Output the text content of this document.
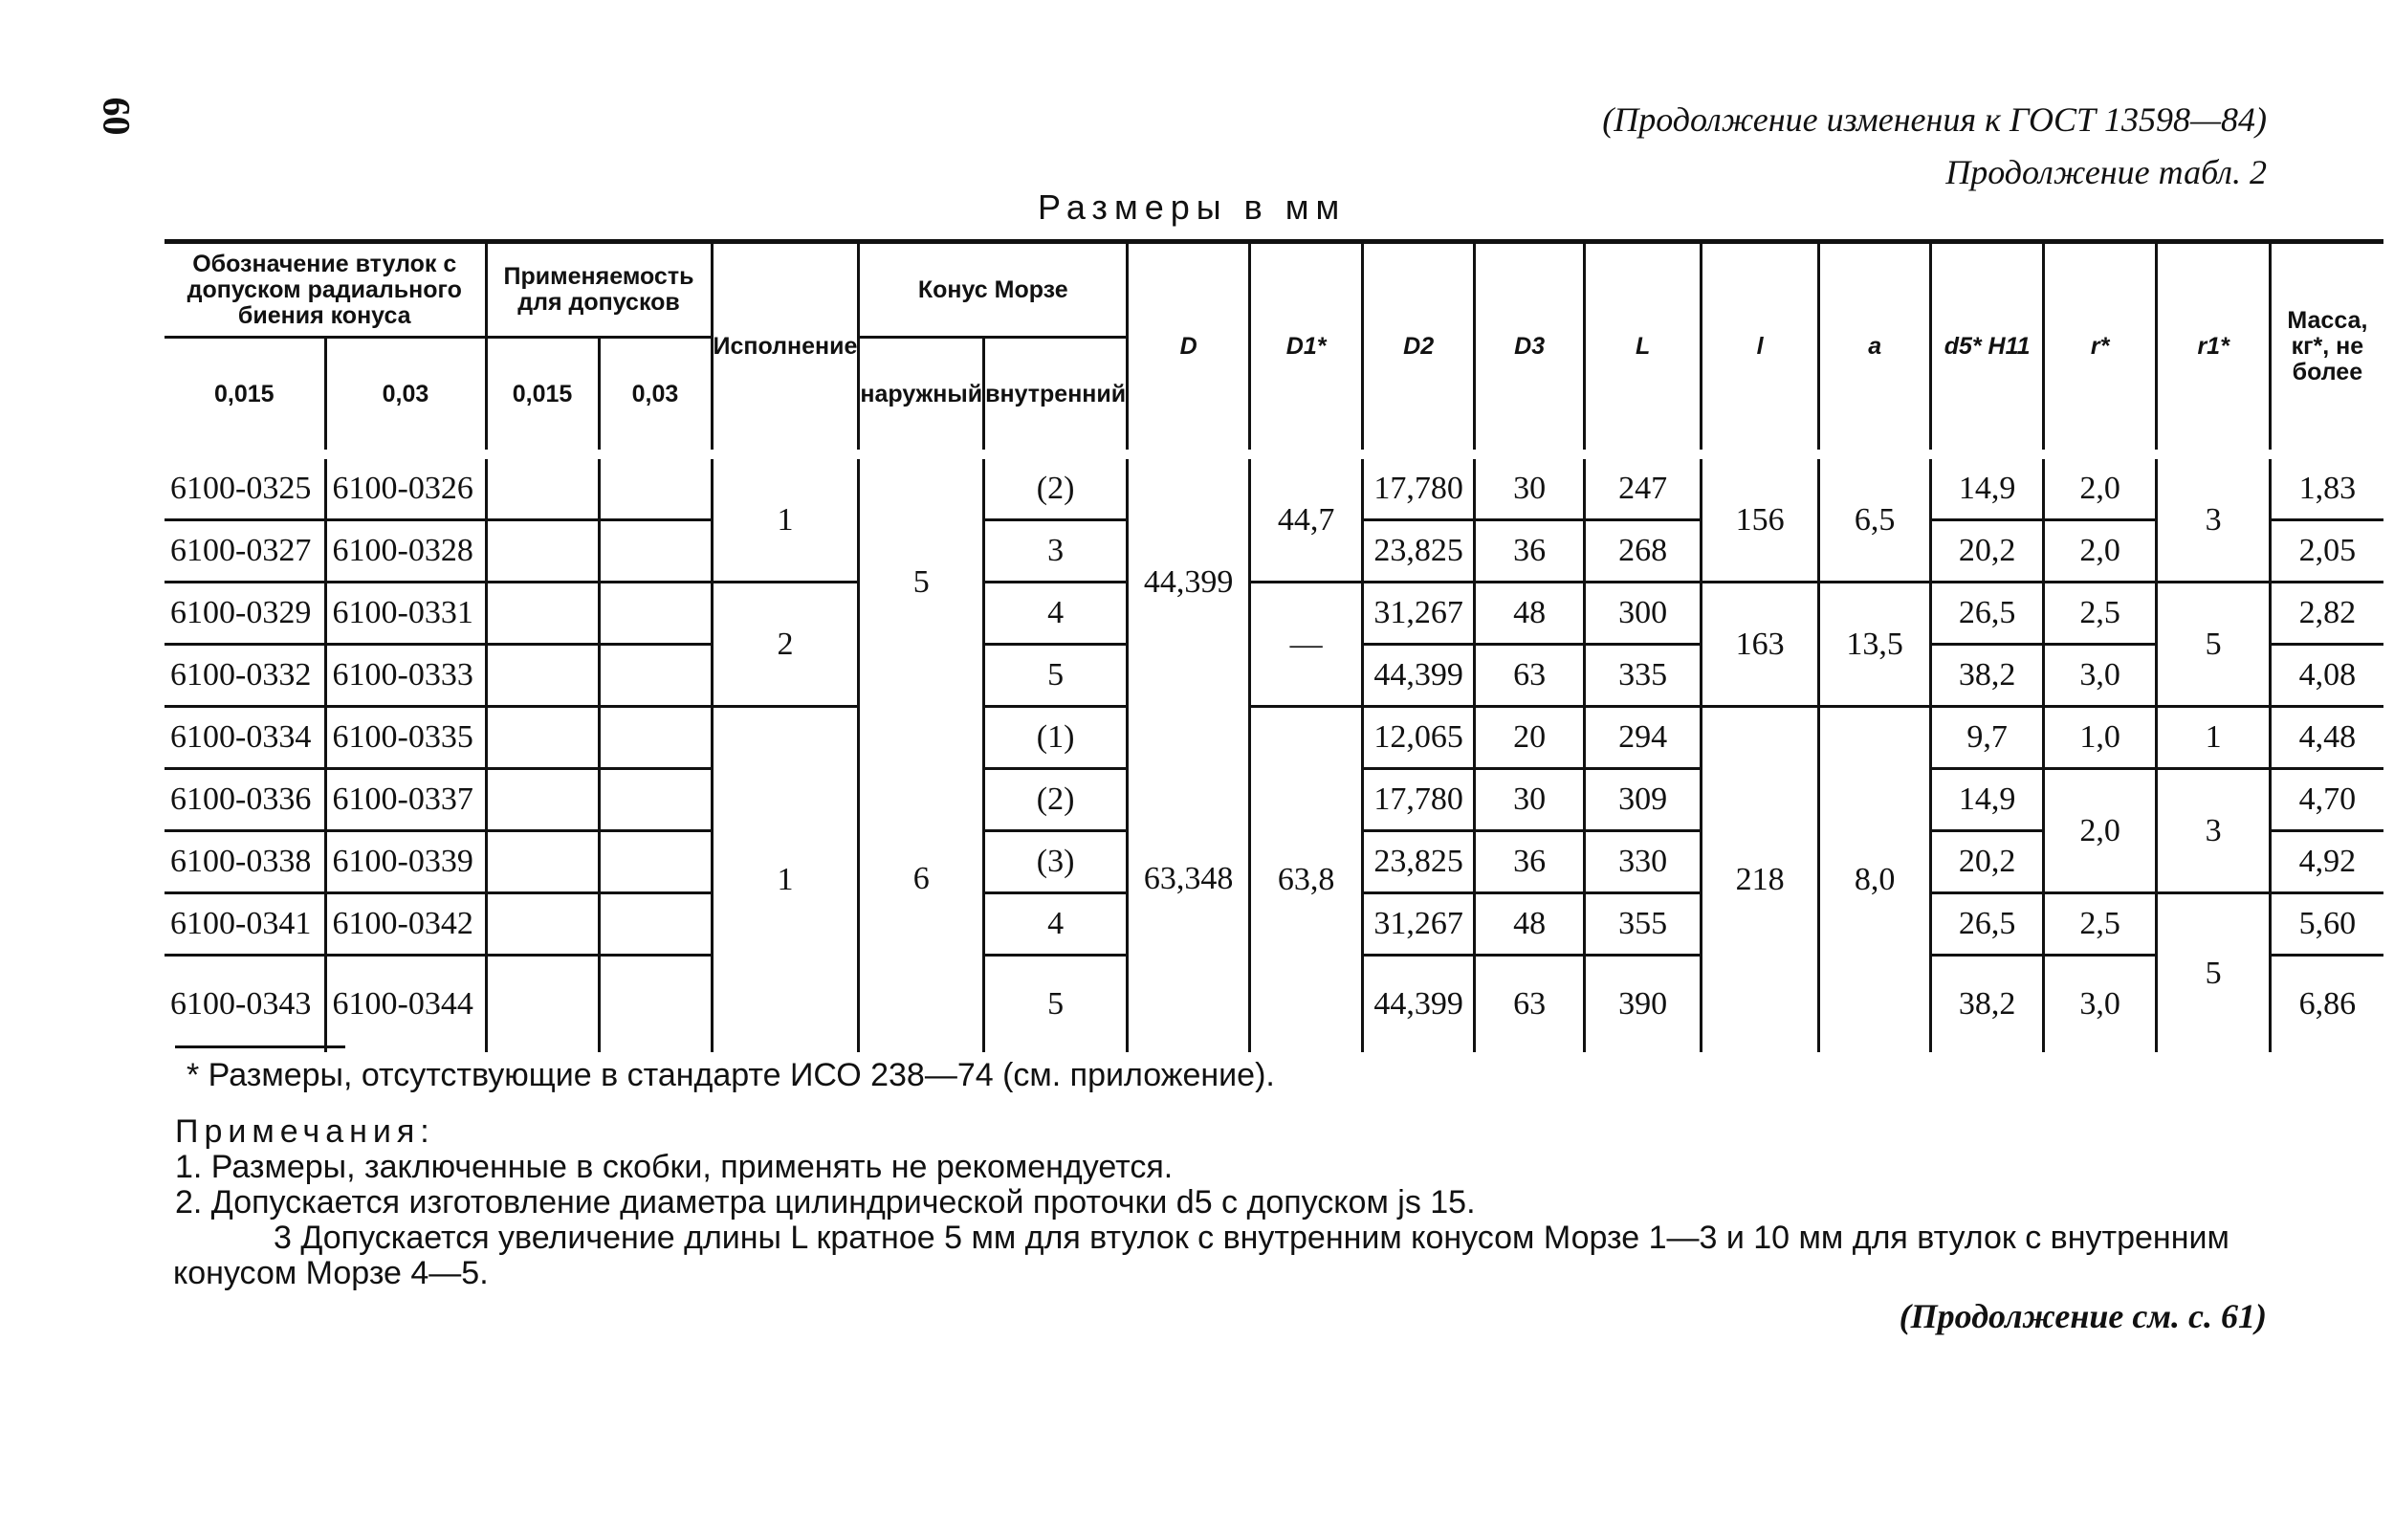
60	(Продолжение изменения к ГОСТ 13598—84)
Продолжение табл. 2
Размеры в мм
Обозначение втулок с допуском радиального биения конуса		Применяемость для допусков		Исполнение	Конус Морзе		D	D1*	D2	D3	L	l	a	d5* H11	r*	r1*	Масса, кг*, не более
0,015	0,03	0,015	0,03		наружный	внутренний											

6100-0325	6100-0326			1	5	(2)	44,399	44,7	17,780	30	247	156	6,5	14,9	2,0	3	1,83
6100-0327	6100-0328					3			23,825	36	268			20,2	2,0		2,05
6100-0329	6100-0331			2		4		—	31,267	48	300	163	13,5	26,5	2,5	5	2,82
6100-0332	6100-0333					5			44,399	63	335			38,2	3,0		4,08
6100-0334	6100-0335			1	6	(1)	63,348	63,8	12,065	20	294	218	8,0	9,7	1,0	1	4,48
6100-0336	6100-0337					(2)			17,780	30	309			14,9	2,0	3	4,70
6100-0338	6100-0339					(3)			23,825	36	330			20,2			4,92
6100-0341	6100-0342					4			31,267	48	355			26,5	2,5	5	5,60
6100-0343	6100-0344					5			44,399	63	390			38,2	3,0		6,86

* Размеры, отсутствующие в стандарте ИСО 238—74 (см. приложение).

Примечания:

1. Размеры, заключенные в скобки, применять не рекомендуется.

2. Допускается изготовление диаметра цилиндрической проточки d5 с допуском js 15.

3 Допускается увеличение длины L кратное 5 мм для втулок с внутренним конусом Морзе 1—3 и 10 мм для втулок с внутренним конусом Морзе 4—5.

(Продолжение см. с. 61)
